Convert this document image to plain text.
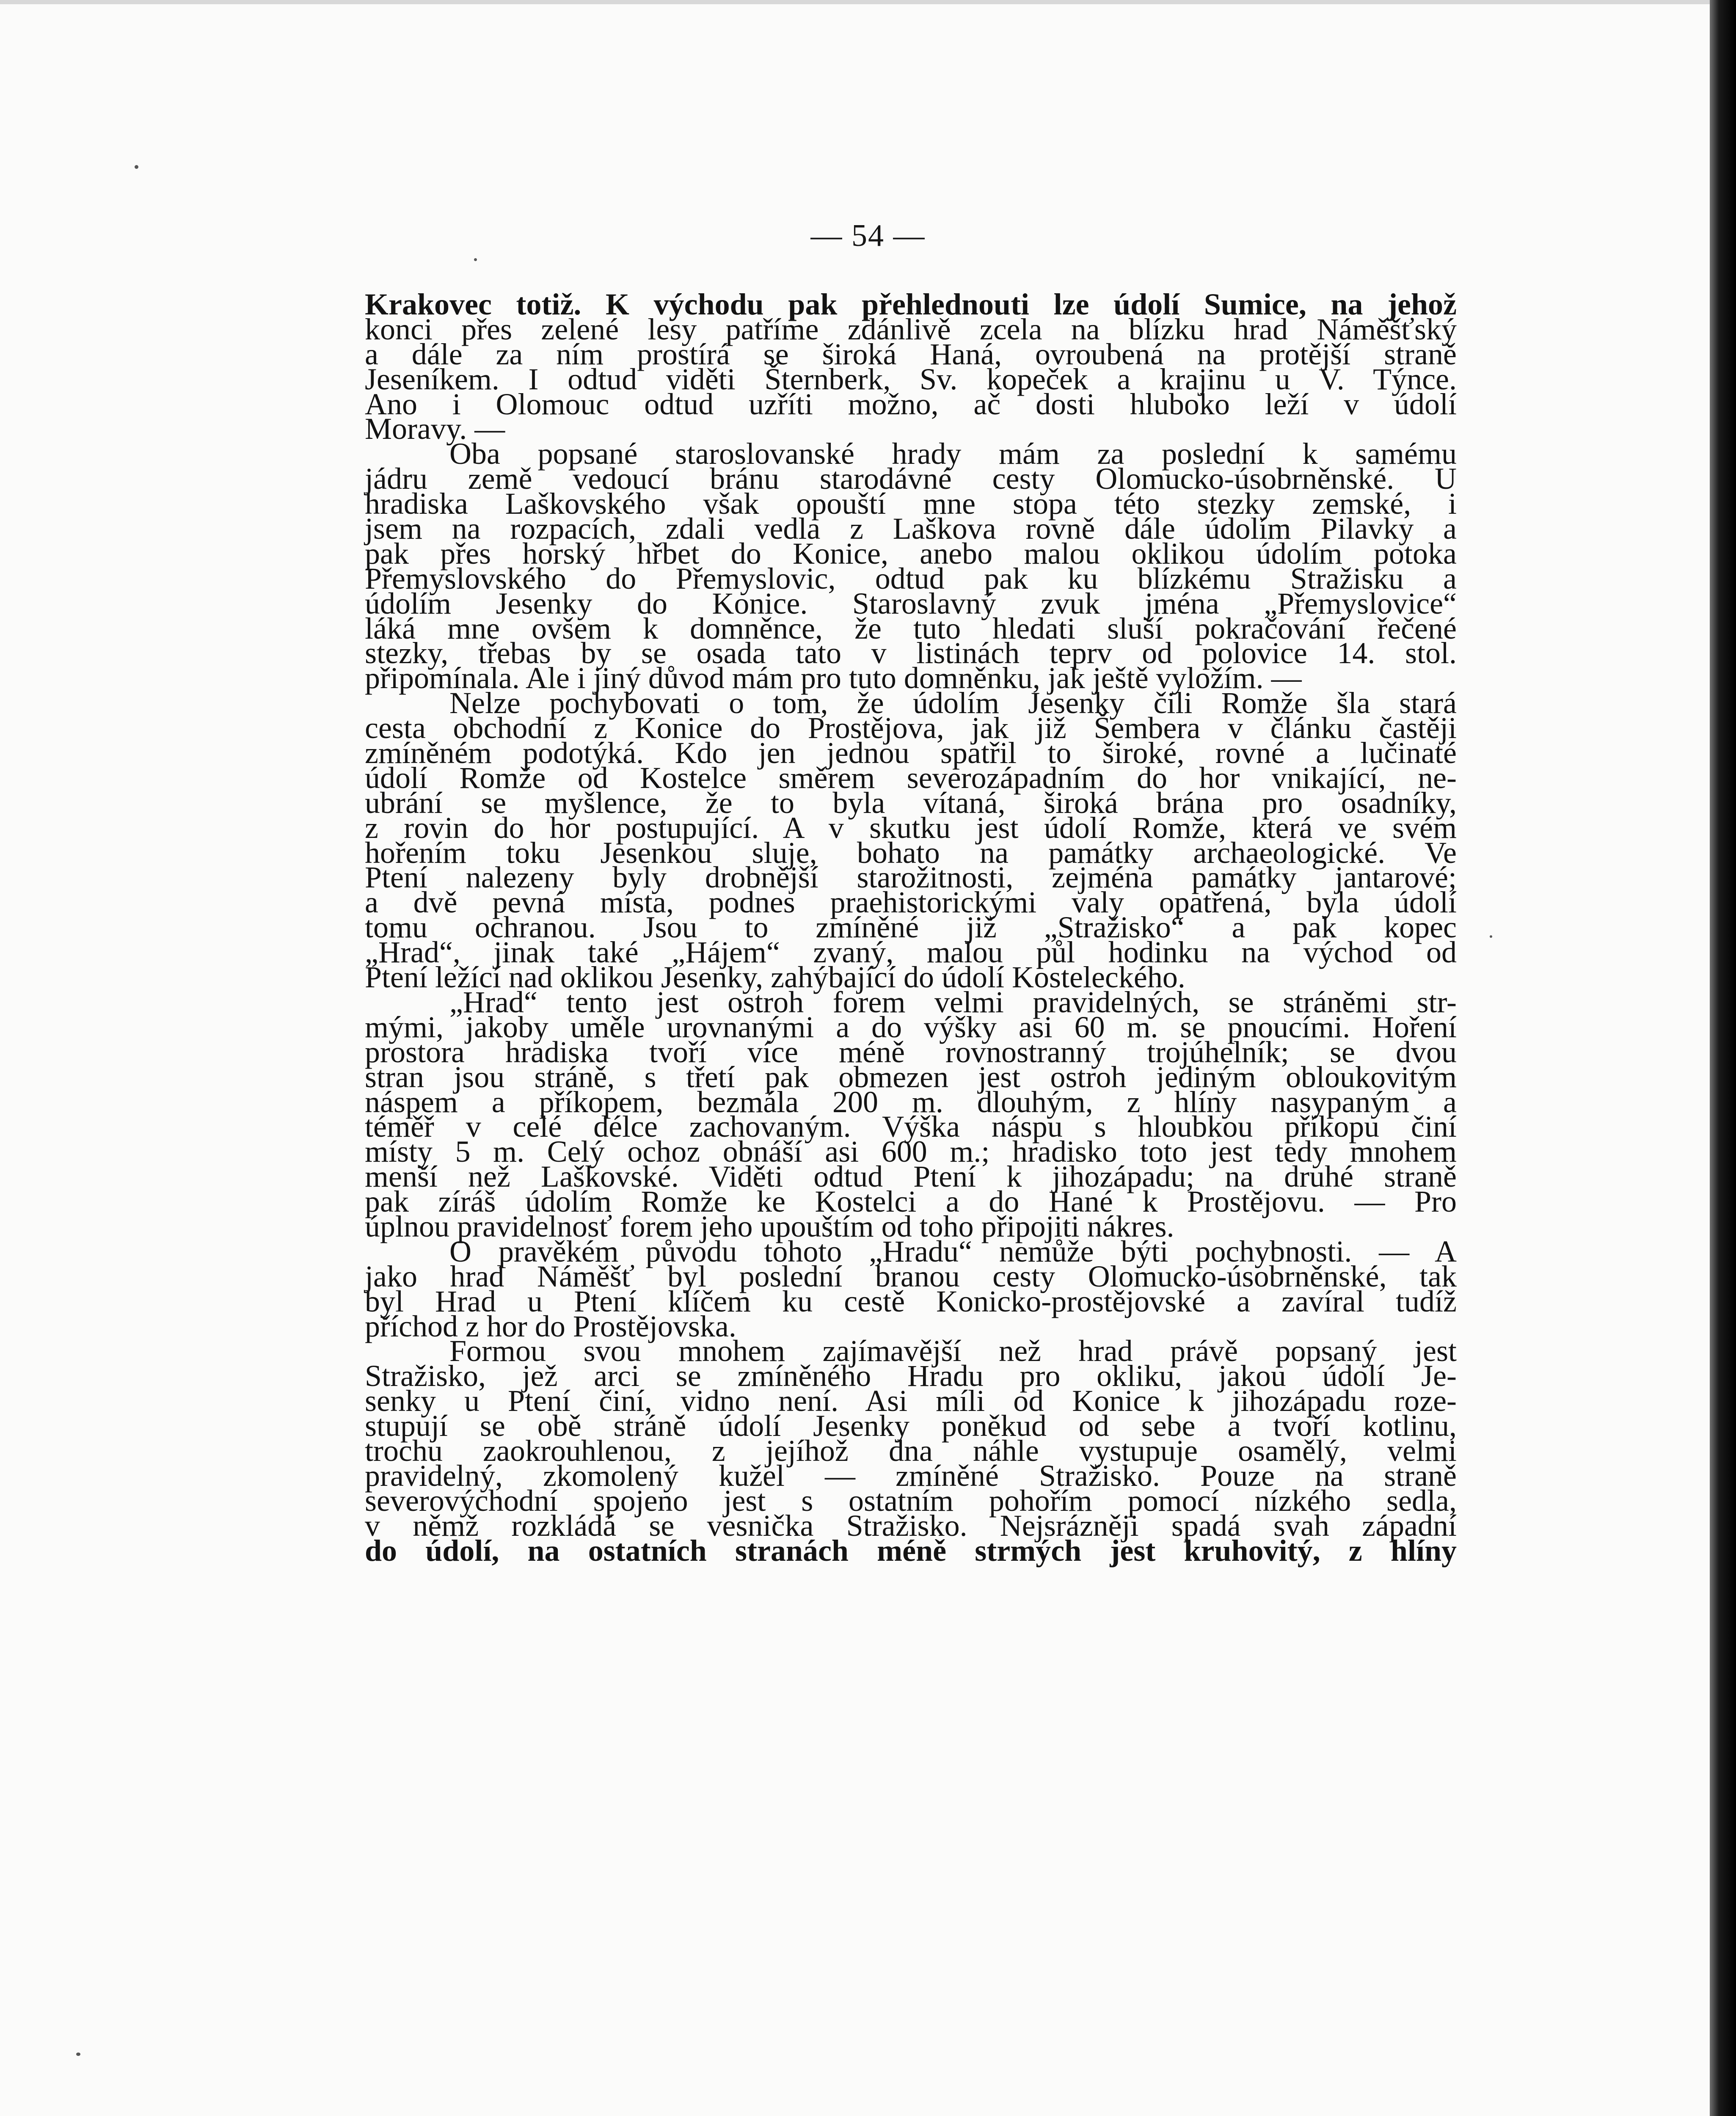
— 54 —
Krakovec totiž. K východu pak přehlednouti lze údolí Sumice, na jehož
konci přes zelené lesy patříme zdánlivě zcela na blízku hrad Náměšťský
a dále za ním prostírá se široká Haná, ovroubená na protější straně
Jeseníkem. I odtud viděti Šternberk, Sv. kopeček a krajinu u V. Týnce.
Ano i Olomouc odtud uzříti možno, ač dosti hluboko leží v údolí
Moravy. —
Oba popsané staroslovanské hrady mám za poslední k samému
jádru země vedoucí bránu starodávné cesty Olomucko-úsobrněnské. U
hradiska Laškovského však opouští mne stopa této stezky zemské, i
jsem na rozpacích, zdali vedla z Laškova rovně dále údolím Pilavky a
pak přes horský hřbet do Konice, anebo malou oklikou údolím potoka
Přemyslovského do Přemyslovic, odtud pak ku blízkému Stražisku a
údolím Jesenky do Konice. Staroslavný zvuk jména „Přemyslovice“
láká mne ovšem k domněnce, že tuto hledati sluší pokračování řečené
stezky, třebas by se osada tato v listinách teprv od polovice 14. stol.
připomínala. Ale i jiný důvod mám pro tuto domněnku, jak ještě vyložím. —
Nelze pochybovati o tom, že údolím Jesenky čili Romže šla stará
cesta obchodní z Konice do Prostějova, jak již Šembera v článku častěji
zmíněném podotýká. Kdo jen jednou spatřil to široké, rovné a lučinaté
údolí Romže od Kostelce směrem severozápadním do hor vnikající, ne-
ubrání se myšlence, že to byla vítaná, široká brána pro osadníky,
z rovin do hor postupující. A v skutku jest údolí Romže, která ve svém
hořením toku Jesenkou sluje, bohato na památky archaeologické. Ve
Ptení nalezeny byly drobnější starožitnosti, zejména památky jantarové;
a dvě pevná místa, podnes praehistorickými valy opatřená, byla údolí
tomu ochranou. Jsou to zmíněné již „Stražisko“ a pak kopec
„Hrad“, jinak také „Hájem“ zvaný, malou půl hodinku na východ od
Ptení ležící nad oklikou Jesenky, zahýbající do údolí Kosteleckého.
„Hrad“ tento jest ostroh forem velmi pravidelných, se stráněmi str-
mými, jakoby uměle urovnanými a do výšky asi 60 m. se pnoucími. Hoření
prostora hradiska tvoří více méně rovnostranný trojúhelník; se dvou
stran jsou stráně, s třetí pak obmezen jest ostroh jediným obloukovitým
náspem a příkopem, bezmála 200 m. dlouhým, z hlíny nasypaným a
téměř v celé délce zachovaným. Výška náspu s hloubkou příkopu činí
místy 5 m. Celý ochoz obnáší asi 600 m.; hradisko toto jest tedy mnohem
menší než Laškovské. Viděti odtud Ptení k jihozápadu; na druhé straně
pak zíráš údolím Romže ke Kostelci a do Hané k Prostějovu. — Pro
úplnou pravidelnosť forem jeho upouštím od toho připojiti nákres.
O pravěkém původu tohoto „Hradu“ nemůže býti pochybnosti. — A
jako hrad Náměšť byl poslední branou cesty Olomucko-úsobrněnské, tak
byl Hrad u Ptení klíčem ku cestě Konicko-prostějovské a zavíral tudíž
příchod z hor do Prostějovska.
Formou svou mnohem zajímavější než hrad právě popsaný jest
Stražisko, jež arci se zmíněného Hradu pro okliku, jakou údolí Je-
senky u Ptení činí, vidno není. Asi míli od Konice k jihozápadu roze-
stupují se obě stráně údolí Jesenky poněkud od sebe a tvoří kotlinu,
trochu zaokrouhlenou, z jejíhož dna náhle vystupuje osamělý, velmi
pravidelný, zkomolený kužel — zmíněné Stražisko. Pouze na straně
severovýchodní spojeno jest s ostatním pohořím pomocí nízkého sedla,
v němž rozkládá se vesnička Stražisko. Nejsrázněji spadá svah západní
do údolí, na ostatních stranách méně strmých jest kruhovitý, z hlíny
